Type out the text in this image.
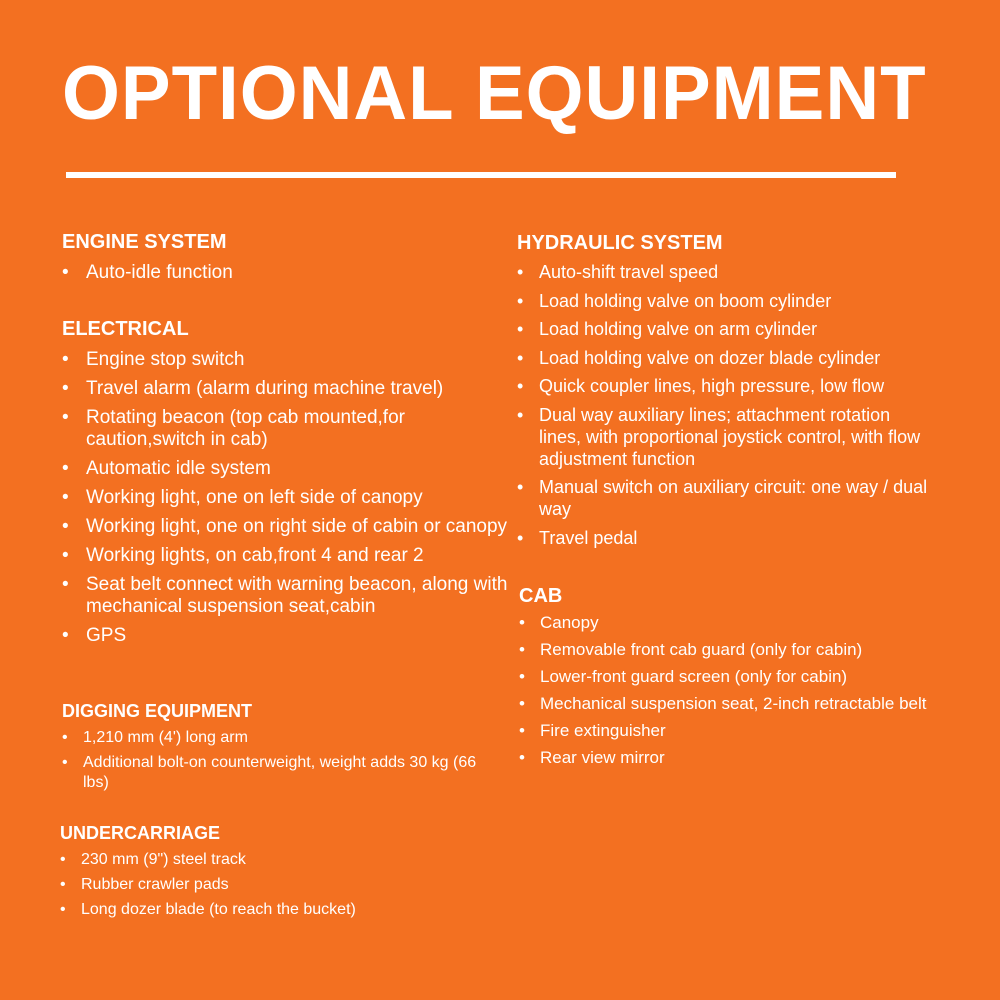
OPTIONAL EQUIPMENT
ENGINE SYSTEM
• Auto-idle function
ELECTRICAL
• Engine stop switch
• Travel alarm (alarm during machine travel)
• Rotating beacon (top cab mounted,for caution,switch in cab)
• Automatic idle system
• Working light, one on left side of canopy
• Working light, one on right side of cabin or canopy
• Working lights, on cab,front 4 and rear 2
• Seat belt connect with warning beacon, along with mechanical suspension seat,cabin
• GPS
DIGGING EQUIPMENT
• 1,210 mm (4') long arm
• Additional bolt-on counterweight, weight adds 30 kg (66 lbs)
UNDERCARRIAGE
• 230 mm (9") steel track
• Rubber crawler pads
• Long dozer blade (to reach the bucket)
HYDRAULIC SYSTEM
• Auto-shift travel speed
• Load holding valve on boom cylinder
• Load holding valve on arm cylinder
• Load holding valve on dozer blade cylinder
• Quick coupler lines, high pressure, low flow
• Dual way auxiliary lines; attachment rotation lines, with proportional joystick control, with flow adjustment function
• Manual switch on auxiliary circuit: one way / dual way
• Travel pedal
CAB
• Canopy
• Removable front cab guard (only for cabin)
• Lower-front guard screen (only for cabin)
• Mechanical suspension seat, 2-inch retractable belt
• Fire extinguisher
• Rear view mirror
